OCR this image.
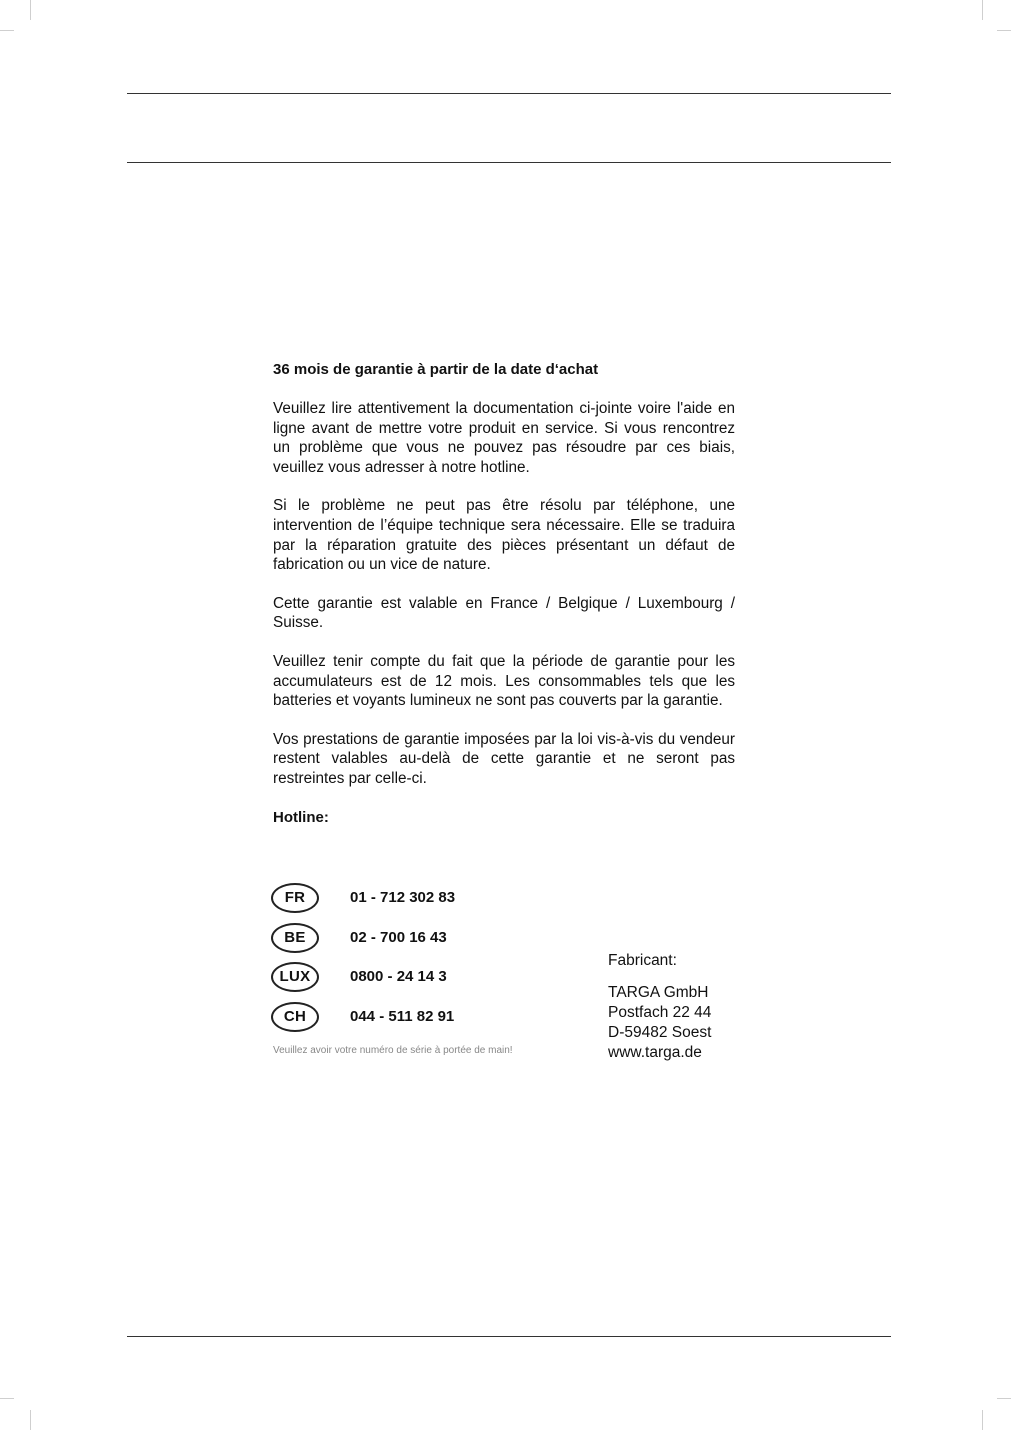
36 mois de garantie à partir de la date d‘achat
Veuillez lire attentivement la documentation ci-jointe voire l'aide en ligne avant de mettre votre produit en service. Si vous rencontrez un problème que vous ne pouvez pas résoudre par ces biais, veuillez vous adresser à notre hotline.
Si le problème ne peut pas être résolu par téléphone, une intervention de l’équipe technique sera nécessaire. Elle se traduira par la réparation gratuite des pièces présentant un défaut de fabrication ou un vice de nature.
Cette garantie est valable en France / Belgique / Luxembourg / Suisse.
Veuillez tenir compte du fait que la période de garantie pour les accumulateurs est de 12 mois. Les consommables tels que les batteries et voyants lumineux ne sont pas couverts par la garantie.
Vos prestations de garantie imposées par la loi vis-à-vis du vendeur restent valables au-delà de cette garantie et ne seront pas restreintes par celle-ci.
Hotline:
FR	01 - 712 302 83
BE	02 - 700 16 43
LUX	0800 - 24 14 3
CH	044 - 511 82 91
Veuillez avoir votre numéro de série à portée de main!
Fabricant:
TARGA GmbH
Postfach 22 44
D-59482 Soest
www.targa.de
